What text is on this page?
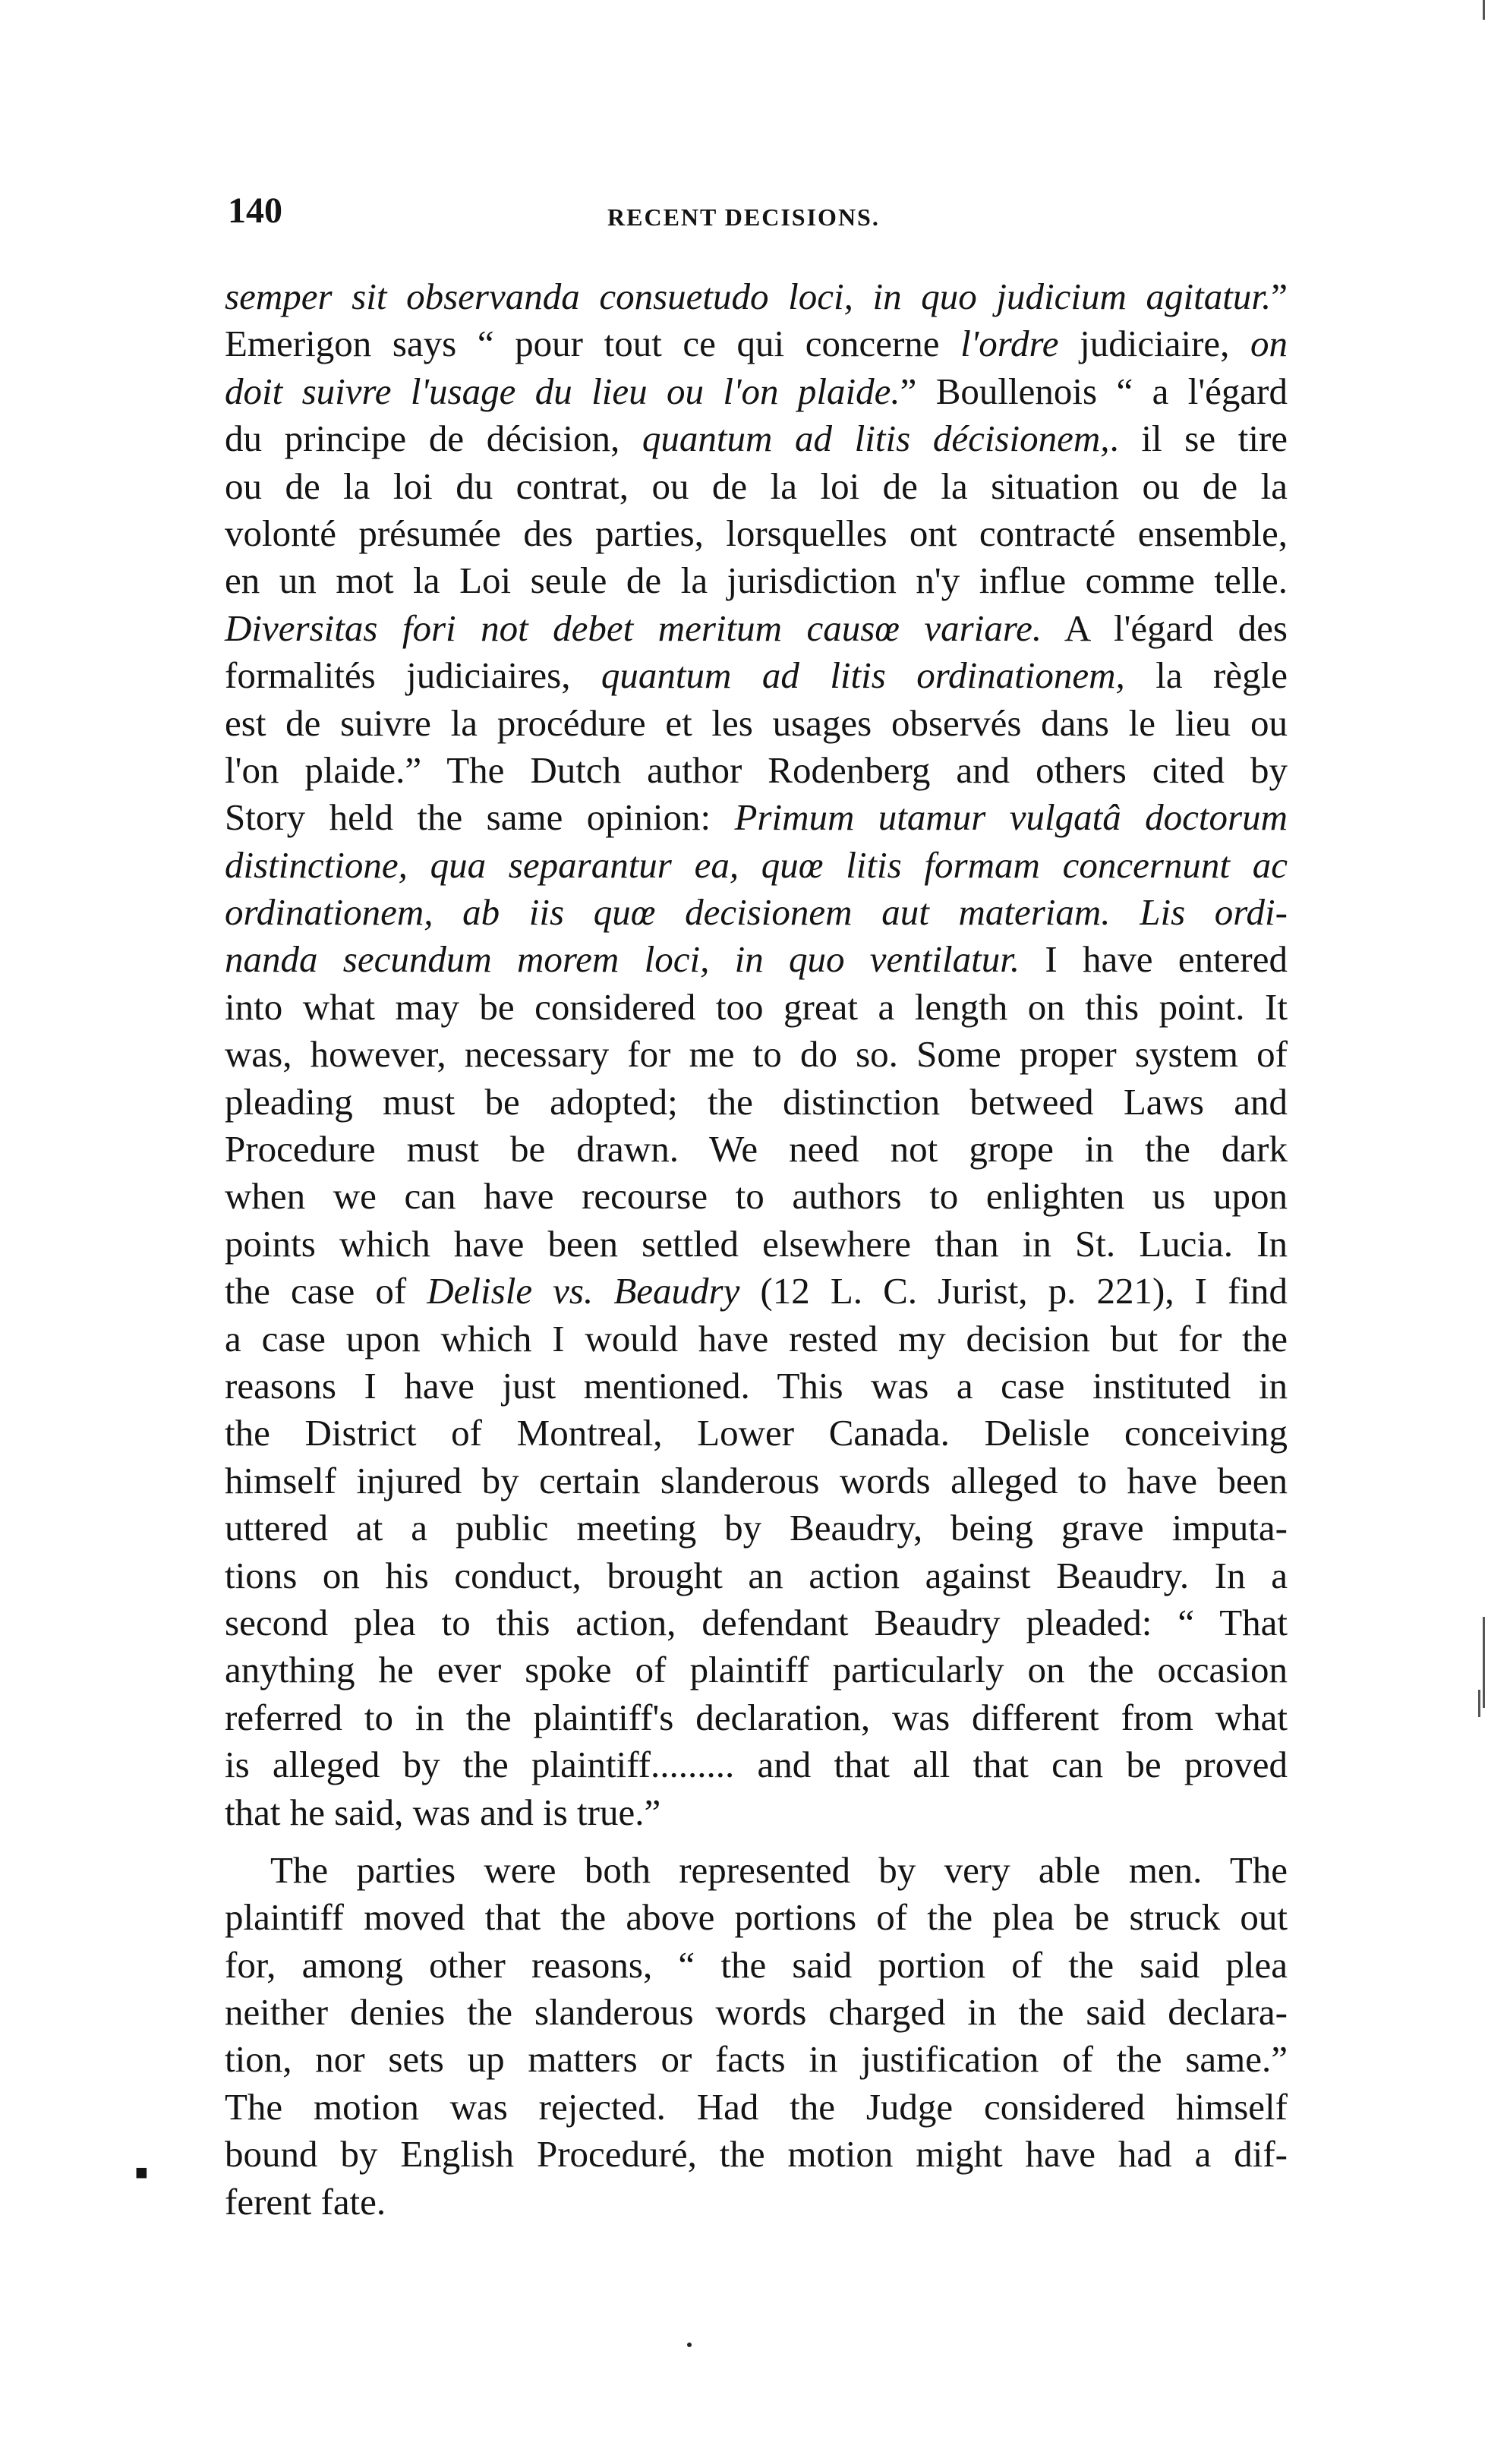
140	RECENT DECISIONS.
semper sit observanda consuetudo loci, in quo judicium agitatur.”
Emerigon says “ pour tout ce qui concerne l'ordre judiciaire, on
doit suivre l'usage du lieu ou l'on plaide.” Boullenois “ a l'égard
du principe de décision, quantum ad litis décisionem,. il se tire
ou de la loi du contrat, ou de la loi de la situation ou de la
volonté présumée des parties, lorsquelles ont contracté ensemble,
en un mot la Loi seule de la jurisdiction n'y influe comme telle.
Diversitas fori not debet meritum causœ variare. A l'égard des
formalités judiciaires, quantum ad litis ordinationem, la règle
est de suivre la procédure et les usages observés dans le lieu ou
l'on plaide.” The Dutch author Rodenberg and others cited by
Story held the same opinion: Primum utamur vulgatâ doctorum
distinctione, qua separantur ea, quœ litis formam concernunt ac
ordinationem, ab iis quœ decisionem aut materiam. Lis ordi-
nanda secundum morem loci, in quo ventilatur. I have entered
into what may be considered too great a length on this point. It
was, however, necessary for me to do so. Some proper system of
pleading must be adopted; the distinction betweed Laws and
Procedure must be drawn. We need not grope in the dark
when we can have recourse to authors to enlighten us upon
points which have been settled elsewhere than in St. Lucia. In
the case of Delisle vs. Beaudry (12 L. C. Jurist, p. 221), I find
a case upon which I would have rested my decision but for the
reasons I have just mentioned. This was a case instituted in
the District of Montreal, Lower Canada. Delisle conceiving
himself injured by certain slanderous words alleged to have been
uttered at a public meeting by Beaudry, being grave imputa-
tions on his conduct, brought an action against Beaudry. In a
second plea to this action, defendant Beaudry pleaded: “ That
anything he ever spoke of plaintiff particularly on the occasion
referred to in the plaintiff's declaration, was different from what
is alleged by the plaintiff......... and that all that can be proved
that he said, was and is true.”
The parties were both represented by very able men. The
plaintiff moved that the above portions of the plea be struck out
for, among other reasons, “ the said portion of the said plea
neither denies the slanderous words charged in the said declara-
tion, nor sets up matters or facts in justification of the same.”
The motion was rejected. Had the Judge considered himself
bound by English Proceduré, the motion might have had a dif-
ferent fate.
■
